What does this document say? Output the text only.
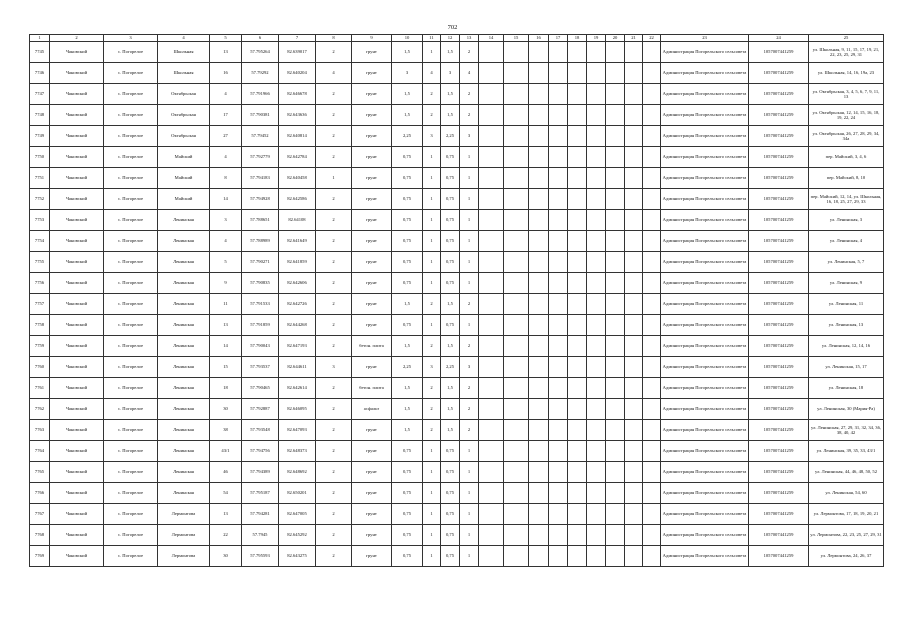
702
1	2	3	4	5	6	7	8	9	10	11	12	13	14	15	16	17	18	19	20	21	22	23	24	25
7745	Чановский	с. Погорелое	Школьная	13	57.795264	82.639017	2	грунт	1,5	1	1,5	2										Администрация Погорельского сельсовета	1057007441259	ул. Школьная, 9, 11, 15, 17, 19, 21, 22, 23, 25, 29, 31
7746	Чановский	с. Погорелое	Школьная	16	57.79292	82.640204	4	грунт	3	4	3	4										Администрация Погорельского сельсовета	1057007441259	ул. Школьная, 14, 16, 19а, 23
7747	Чановский	с. Погорелое	Октябрьская	4	57.791966	82.646678	2	грунт	1,5	2	1,5	2										Администрация Погорельского сельсовета	1057007441259	ул. Октябрьская, 3, 4, 5, 6, 7, 9, 11, 13
7748	Чановский	с. Погорелое	Октябрьская	17	57.790381	82.643636	2	грунт	1,5	2	1,5	2										Администрация Погорельского сельсовета	1057007441259	ул. Октябрьская, 12, 14, 15, 16, 18, 19, 22, 24
7749	Чановский	с. Погорелое	Октябрьская	27	57.79452	82.640814	2	грунт	2,25	3	2,25	3										Администрация Погорельского сельсовета	1057007441259	ул. Октябрьская, 26, 27, 28, 29, 34, 34а
7750	Чановский	с. Погорелое	Майский	4	57.792779	82.642784	2	грунт	0,75	1	0,75	1										Администрация Погорельского сельсовета	1057007441259	пер. Майский, 3, 4, 6
7751	Чановский	с. Погорелое	Майский	8	57.794183	82.640458	1	грунт	0,75	1	0,75	1										Администрация Погорельского сельсовета	1057007441259	пер. Майский, 8, 10
7752	Чановский	с. Погорелое	Майский	14	57.794928	82.642586	2	грунт	0,75	1	0,75	1										Администрация Погорельского сельсовета	1057007441259	пер. Майский, 12, 14, ул. Школьная, 16, 18, 25, 27, 29, 33
7753	Чановский	с. Погорелое	Ленинская	3	57.788651	82.64108	2	грунт	0,75	1	0,75	1										Администрация Погорельского сельсовета	1057007441259	ул. Ленинская, 3
7754	Чановский	с. Погорелое	Ленинская	4	57.788989	82.641649	2	грунт	0,75	1	0,75	1										Администрация Погорельского сельсовета	1057007441259	ул. Ленинская, 4
7755	Чановский	с. Погорелое	Ленинская	5	57.790271	82.641859	2	грунт	0,75	1	0,75	1										Администрация Погорельского сельсовета	1057007441259	ул. Ленинская, 5, 7
7756	Чановский	с. Погорелое	Ленинская	9	57.790835	82.642606	2	грунт	0,75	1	0,75	1										Администрация Погорельского сельсовета	1057007441259	ул. Ленинская, 9
7757	Чановский	с. Погорелое	Ленинская	11	57.791533	82.642726	2	грунт	1,5	2	1,5	2										Администрация Погорельского сельсовета	1057007441259	ул. Ленинская, 11
7758	Чановский	с. Погорелое	Ленинская	13	57.791859	82.644268	2	грунт	0,75	1	0,75	1										Администрация Погорельского сельсовета	1057007441259	ул. Ленинская, 13
7759	Чановский	с. Погорелое	Ленинская	14	57.790043	82.647193	2	бетон. плита	1,5	2	1,5	2										Администрация Погорельского сельсовета	1057007441259	ул. Ленинская, 12, 14, 16
7760	Чановский	с. Погорелое	Ленинская	15	57.793537	82.644611	3	грунт	2,25	3	2,25	3										Администрация Погорельского сельсовета	1057007441259	ул. Ленинская, 15, 17
7761	Чановский	с. Погорелое	Ленинская	18	57.790465	82.642614	2	бетон. плита	1,5	2	1,5	2										Администрация Погорельского сельсовета	1057007441259	ул. Ленинская, 18
7762	Чановский	с. Погорелое	Ленинская	30	57.792887	82.646095	2	асфальт	1,5	2	1,5	2										Администрация Погорельского сельсовета	1057007441259	ул. Ленинская, 30 (Мария-Ра)
7763	Чановский	с. Погорелое	Ленинская	38	57.793548	82.647093	2	грунт	1,5	2	1,5	2										Администрация Погорельского сельсовета	1057007441259	ул. Ленинская, 27, 29, 31, 32, 34, 36, 38, 40, 42
7764	Чановский	с. Погорелое	Ленинская	43/1	57.794756	82.648373	2	грунт	0,75	1	0,75	1										Администрация Погорельского сельсовета	1057007441259	ул. Ленинская, 39, 35, 33, 43/1
7765	Чановский	с. Погорелое	Ленинская	46	57.794389	82.648692	2	грунт	0,75	1	0,75	1										Администрация Погорельского сельсовета	1057007441259	ул. Ленинская, 44, 46, 48, 50, 52
7766	Чановский	с. Погорелое	Ленинская	54	57.795187	82.650201	2	грунт	0,75	1	0,75	1										Администрация Погорельского сельсовета	1057007441259	ул. Ленинская, 54, 60
7767	Чановский	с. Погорелое	Лермонтова	13	57.794281	82.647005	2	грунт	0,75	1	0,75	1										Администрация Погорельского сельсовета	1057007441259	ул. Лермонтова, 17, 18, 19, 20, 21
7768	Чановский	с. Погорелое	Лермонтова	22	57.7945	82.645292	2	грунт	0,75	1	0,75	1										Администрация Погорельского сельсовета	1057007441259	ул. Лермонтова, 22, 23, 25, 27, 29, 31
7769	Чановский	с. Погорелое	Лермонтова	30	57.795593	82.643275	2	грунт	0,75	1	0,75	1										Администрация Погорельского сельсовета	1057007441259	ул. Лермонтова, 24, 26, 37
